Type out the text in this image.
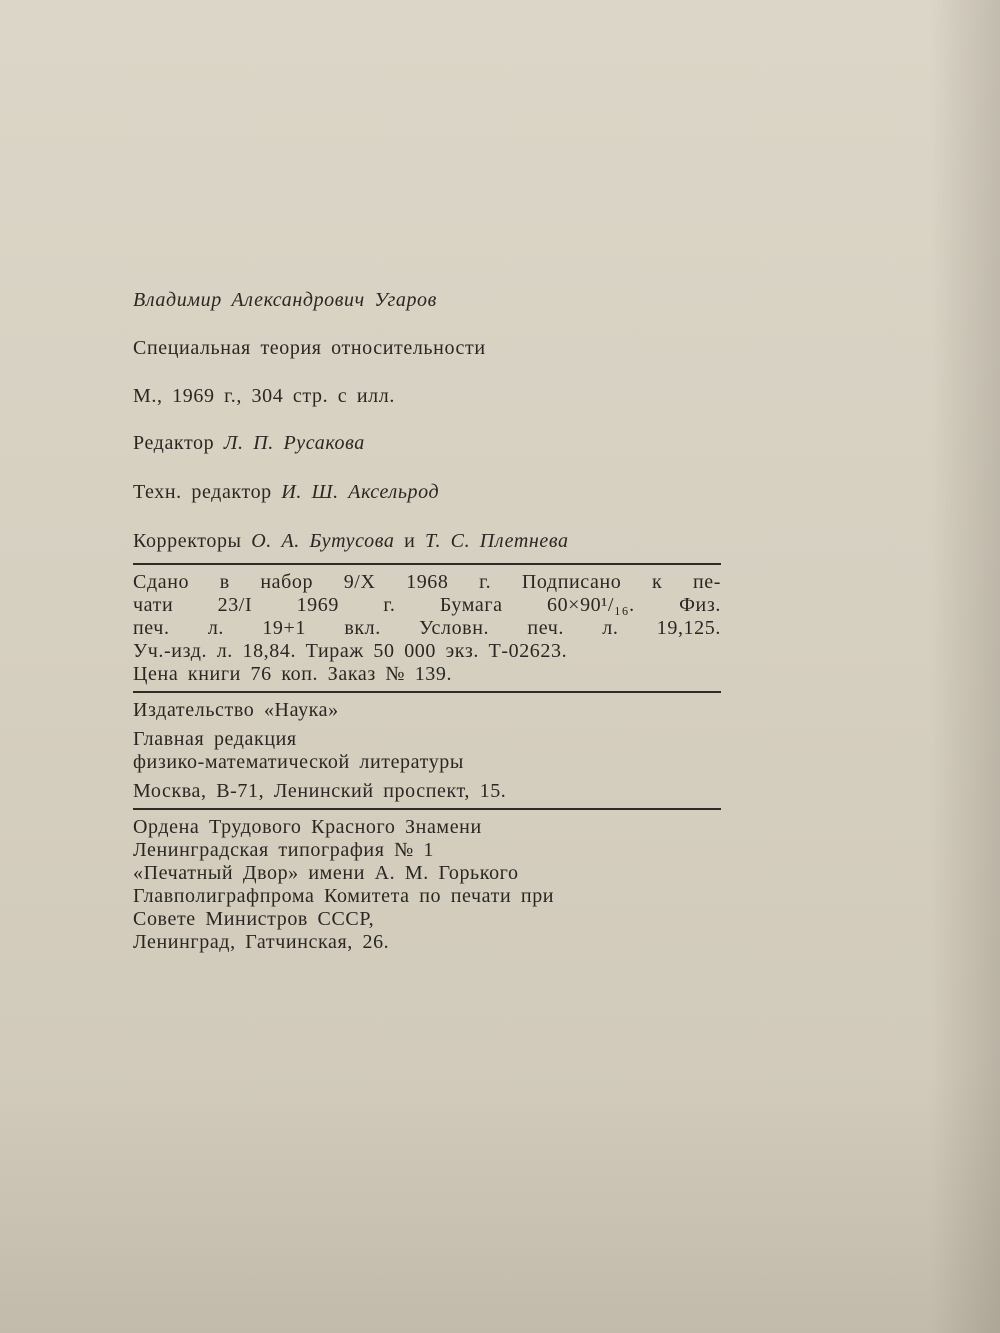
Владимир Александрович Угаров
Специальная теория относительности
М., 1969 г., 304 стр. с илл.
Редактор Л. П. Русакова
Техн. редактор И. Ш. Аксельрод
Корректоры О. А. Бутусова и Т. С. Плетнева
Сдано в набор 9/X 1968 г. Подписано к пе-
чати 23/I 1969 г. Бумага 60×90¹/₁₆. Физ.
печ. л. 19+1 вкл. Условн. печ. л. 19,125.
Уч.-изд. л. 18,84. Тираж 50 000 экз. Т-02623.
Цена книги 76 коп. Заказ № 139.
Издательство «Наука»
Главная редакция
физико-математической литературы
Москва, В-71, Ленинский проспект, 15.
Ордена Трудового Красного Знамени
Ленинградская типография № 1
«Печатный Двор» имени А. М. Горького
Главполиграфпрома Комитета по печати при
Совете Министров СССР,
Ленинград, Гатчинская, 26.
